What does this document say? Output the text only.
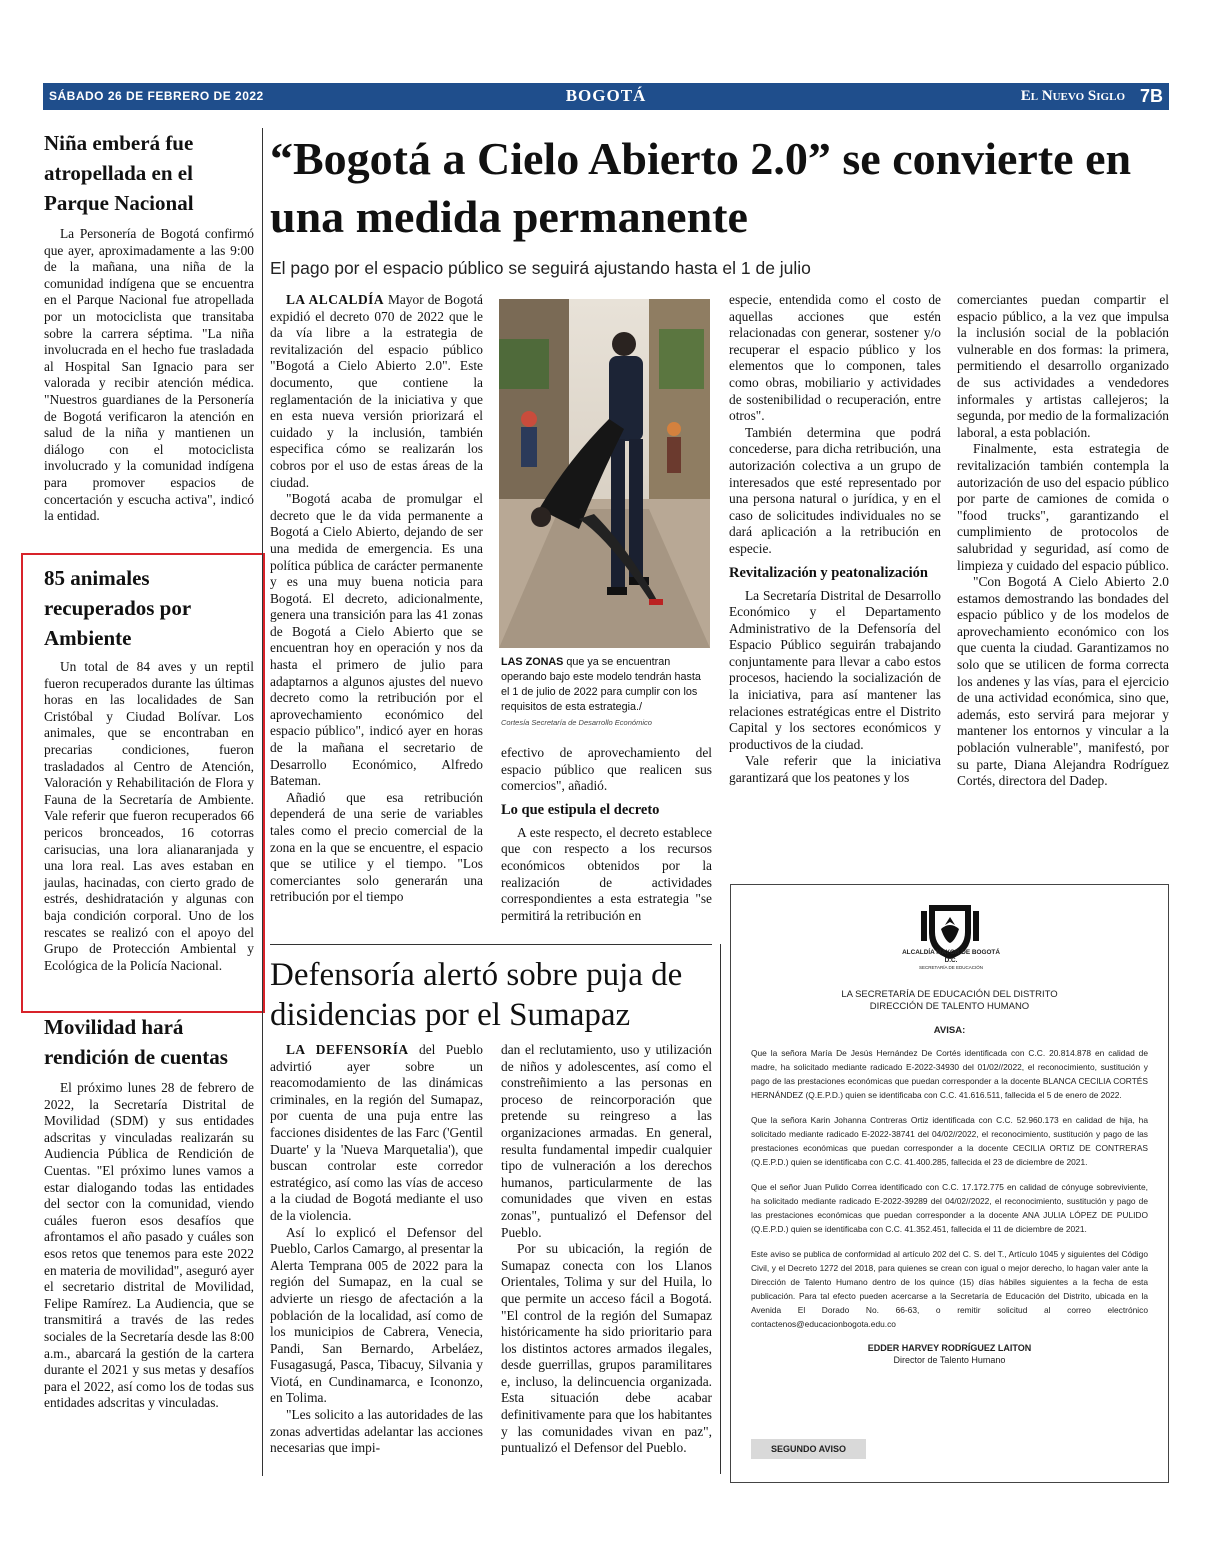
SÁBADO 26 DE FEBRERO DE 2022	BOGOTÁ	El Nuevo Siglo 7B
Niña emberá fue atropellada en el Parque Nacional

La Personería de Bogotá confirmó que ayer, aproximadamente a las 9:00 de la mañana, una niña de la comunidad indígena que se encuentra en el Parque Nacional fue atropellada por un motociclista que transitaba sobre la carrera séptima. "La niña involucrada en el hecho fue trasladada al Hospital San Ignacio para ser valorada y recibir atención médica. "Nuestros guardianes de la Personería de Bogotá verificaron la atención en salud de la niña y mantienen un diálogo con el motociclista involucrado y la comunidad indígena para promover espacios de concertación y escucha activa", indicó la entidad.

85 animales recuperados por Ambiente

Un total de 84 aves y un reptil fueron recuperados durante las últimas horas en las localidades de San Cristóbal y Ciudad Bolívar. Los animales, que se encontraban en precarias condiciones, fueron trasladados al Centro de Atención, Valoración y Rehabilitación de Flora y Fauna de la Secretaría de Ambiente. Vale referir que fueron recuperados 66 pericos bronceados, 16 cotorras carisucias, una lora alianaranjada y una lora real. Las aves estaban en jaulas, hacinadas, con cierto grado de estrés, deshidratación y algunas con baja condición corporal. Uno de los rescates se realizó con el apoyo del Grupo de Protección Ambiental y Ecológica de la Policía Nacional.

Movilidad hará rendición de cuentas

El próximo lunes 28 de febrero de 2022, la Secretaría Distrital de Movilidad (SDM) y sus entidades adscritas y vinculadas realizarán su Audiencia Pública de Rendición de Cuentas. "El próximo lunes vamos a estar dialogando todas las entidades del sector con la comunidad, viendo cuáles fueron esos desafíos que afrontamos el año pasado y cuáles son esos retos que tenemos para este 2022 en materia de movilidad", aseguró ayer el secretario distrital de Movilidad, Felipe Ramírez. La Audiencia, que se transmitirá a través de las redes sociales de la Secretaría desde las 8:00 a.m., abarcará la gestión de la cartera durante el 2021 y sus metas y desafíos para el 2022, así como los de todas sus entidades adscritas y vinculadas.

“Bogotá a Cielo Abierto 2.0” se convierte en una medida permanente

El pago por el espacio público se seguirá ajustando hasta el 1 de julio

LA ALCALDÍA Mayor de Bogotá expidió el decreto 070 de 2022 que le da vía libre a la estrategia de revitalización del espacio público "Bogotá a Cielo Abierto 2.0". Este documento, que contiene la reglamentación de la iniciativa y que en esta nueva versión priorizará el cuidado y la inclusión, también especifica cómo se realizarán los cobros por el uso de estas áreas de la ciudad.

"Bogotá acaba de promulgar el decreto que le da vida permanente a Bogotá a Cielo Abierto, dejando de ser una medida de emergencia. Es una política pública de carácter permanente y es una muy buena noticia para Bogotá. El decreto, adicionalmente, genera una transición para las 41 zonas de Bogotá a Cielo Abierto que se encuentran hoy en operación y nos da hasta el primero de julio para adaptarnos a algunos ajustes del nuevo decreto como la retribución por el aprovechamiento económico del espacio público", indicó ayer en horas de la mañana el secretario de Desarrollo Económico, Alfredo Bateman.

Añadió que esa retribución dependerá de una serie de variables tales como el precio comercial de la zona en la que se encuentre, el espacio que se utilice y el tiempo. "Los comerciantes solo generarán una retribución por el tiempo

LAS ZONAS que ya se encuentran operando bajo este modelo tendrán hasta el 1 de julio de 2022 para cumplir con los requisitos de esta estrategia./
Cortesía Secretaría de Desarrollo Económico

efectivo de aprovechamiento del espacio público que realicen sus comercios", añadió.

Lo que estipula el decreto

A este respecto, el decreto establece que con respecto a los recursos económicos obtenidos por la realización de actividades correspondientes a esta estrategia "se permitirá la retribución en

especie, entendida como el costo de aquellas acciones que estén relacionadas con generar, sostener y/o recuperar el espacio público y los elementos que lo componen, tales como obras, mobiliario y actividades de sostenibilidad o recuperación, entre otros".

También determina que podrá concederse, para dicha retribución, una autorización colectiva a un grupo de interesados que esté representado por una persona natural o jurídica, y en el caso de solicitudes individuales no se dará aplicación a la retribución en especie.

Revitalización y peatonalización

La Secretaría Distrital de Desarrollo Económico y el Departamento Administrativo de la Defensoría del Espacio Público seguirán trabajando conjuntamente para llevar a cabo estos procesos, haciendo la socialización de la iniciativa, para así mantener las relaciones estratégicas entre el Distrito Capital y los sectores económicos y productivos de la ciudad.

Vale referir que la iniciativa garantizará que los peatones y los

comerciantes puedan compartir el espacio público, a la vez que impulsa la inclusión social de la población vulnerable en dos formas: la primera, permitiendo el desarrollo organizado de sus actividades a vendedores informales y artistas callejeros; la segunda, por medio de la formalización laboral, a esta población.

Finalmente, esta estrategia de revitalización también contempla la autorización de uso del espacio público por parte de camiones de comida o "food trucks", garantizando el cumplimiento de protocolos de salubridad y seguridad, así como de limpieza y cuidado del espacio público.

"Con Bogotá A Cielo Abierto 2.0 estamos demostrando las bondades del espacio público y de los modelos de aprovechamiento económico con los que cuenta la ciudad. Garantizamos no solo que se utilicen de forma correcta los andenes y las vías, para el ejercicio de una actividad económica, sino que, además, esto servirá para mejorar y mantener los entornos y vincular a la población vulnerable", manifestó, por su parte, Diana Alejandra Rodríguez Cortés, directora del Dadep.

Defensoría alertó sobre puja de disidencias por el Sumapaz

LA DEFENSORÍA del Pueblo advirtió ayer sobre un reacomodamiento de las dinámicas criminales, en la región del Sumapaz, por cuenta de una puja entre las facciones disidentes de las Farc ('Gentil Duarte' y la 'Nueva Marquetalia'), que buscan controlar este corredor estratégico, así como las vías de acceso a la ciudad de Bogotá mediante el uso de la violencia.

Así lo explicó el Defensor del Pueblo, Carlos Camargo, al presentar la Alerta Temprana 005 de 2022 para la región del Sumapaz, en la cual se advierte un riesgo de afectación a la población de la localidad, así como de los municipios de Cabrera, Venecia, Pandi, San Bernardo, Arbeláez, Fusagasugá, Pasca, Tibacuy, Silvania y Viotá, en Cundinamarca, e Icononzo, en Tolima.

"Les solicito a las autoridades de las zonas advertidas adelantar las acciones necesarias que impi-

dan el reclutamiento, uso y utilización de niños y adolescentes, así como el constreñimiento a las personas en proceso de reincorporación que pretende su reingreso a las organizaciones armadas. En general, resulta fundamental impedir cualquier tipo de vulneración a los derechos humanos, particularmente de las comunidades que viven en estas zonas", puntualizó el Defensor del Pueblo.

Por su ubicación, la región de Sumapaz conecta con los Llanos Orientales, Tolima y sur del Huila, lo que permite un acceso fácil a Bogotá. "El control de la región del Sumapaz históricamente ha sido prioritario para los distintos actores armados ilegales, desde guerrillas, grupos paramilitares e, incluso, la delincuencia organizada. Esta situación debe acabar definitivamente para que los habitantes y las comunidades vivan en paz", puntualizó el Defensor del Pueblo.

ALCALDÍA MAYOR DE BOGOTÁ D.C.
SECRETARÍA DE EDUCACIÓN
LA SECRETARÍA DE EDUCACIÓN DEL DISTRITO
DIRECCIÓN DE TALENTO HUMANO
AVISA:

Que la señora María De Jesús Hernández De Cortés identificada con C.C. 20.814.878 en calidad de madre, ha solicitado mediante radicado E-2022-34930 del 01/02//2022, el reconocimiento, sustitución y pago de las prestaciones económicas que puedan corresponder a la docente BLANCA CECILIA CORTÉS HERNÁNDEZ (Q.E.P.D.) quien se identificaba con C.C. 41.616.511, fallecida el 5 de enero de 2022.

Que la señora Karin Johanna Contreras Ortiz identificada con C.C. 52.960.173 en calidad de hija, ha solicitado mediante radicado E-2022-38741 del 04/02//2022, el reconocimiento, sustitución y pago de las prestaciones económicas que puedan corresponder a la docente CECILIA ORTIZ DE CONTRERAS (Q.E.P.D.) quien se identificaba con C.C. 41.400.285, fallecida el 23 de diciembre de 2021.

Que el señor Juan Pulido Correa identificado con C.C. 17.172.775 en calidad de cónyuge sobreviviente, ha solicitado mediante radicado E-2022-39289 del 04/02//2022, el reconocimiento, sustitución y pago de las prestaciones económicas que puedan corresponder a la docente ANA JULIA LÓPEZ DE PULIDO (Q.E.P.D.) quien se identificaba con C.C. 41.352.451, fallecida el 11 de diciembre de 2021.

Este aviso se publica de conformidad al artículo 202 del C. S. del T., Artículo 1045 y siguientes del Código Civil, y el Decreto 1272 del 2018, para quienes se crean con igual o mejor derecho, lo hagan valer ante la Dirección de Talento Humano dentro de los quince (15) días hábiles siguientes a la fecha de esta publicación. Para tal efecto pueden acercarse a la Secretaría de Educación del Distrito, ubicada en la Avenida El Dorado No. 66-63, o remitir solicitud al correo electrónico contactenos@educacionbogota.edu.co

EDDER HARVEY RODRÍGUEZ LAITON
Director de Talento Humano
SEGUNDO AVISO
